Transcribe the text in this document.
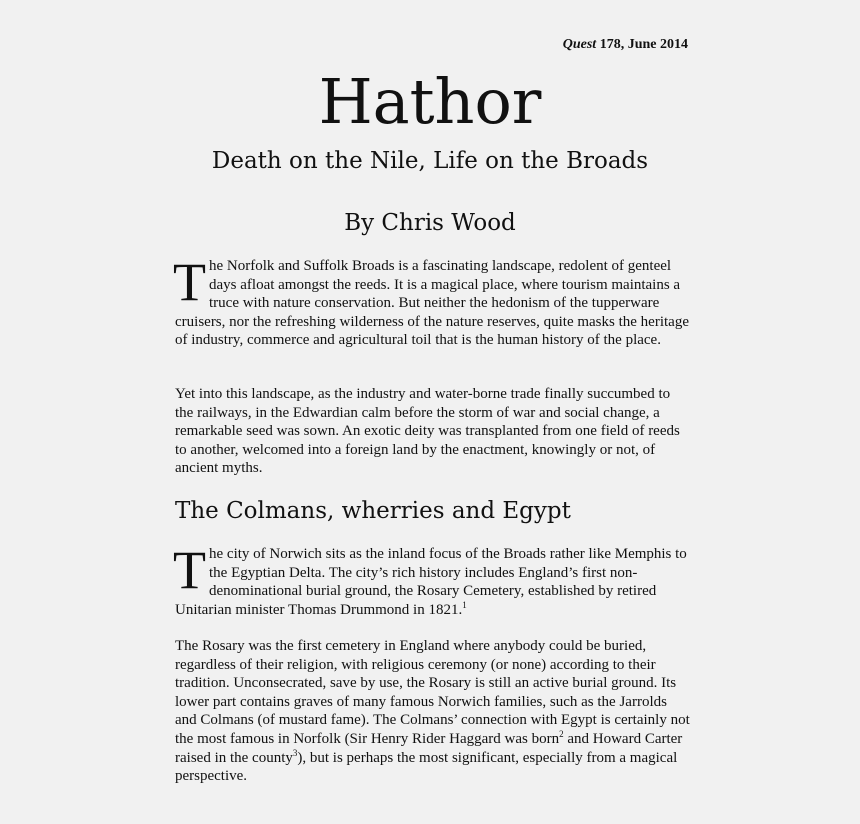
Quest 178, June 2014
Hathor
Death on the Nile, Life on the Broads
By Chris Wood

The Norfolk and Suffolk Broads is a fascinating landscape, redolent of genteel days afloat amongst the reeds. It is a magical place, where tourism maintains a truce with nature conservation. But neither the hedonism of the tupperware cruisers, nor the refreshing wilderness of the nature reserves, quite masks the heritage of industry, commerce and agricultural toil that is the human history of the place.

Yet into this landscape, as the industry and water-borne trade finally succumbed to the railways, in the Edwardian calm before the storm of war and social change, a remarkable seed was sown. An exotic deity was transplanted from one field of reeds to another, welcomed into a foreign land by the enactment, knowingly or not, of ancient myths.

The Colmans, wherries and Egypt

The city of Norwich sits as the inland focus of the Broads rather like Memphis to the Egyptian Delta. The city’s rich history includes England’s first non-denominational burial ground, the Rosary Cemetery, established by retired Unitarian minister Thomas Drummond in 1821.$^1$

The Rosary was the first cemetery in England where anybody could be buried, regardless of their religion, with religious ceremony (or none) according to their tradition. Unconsecrated, save by use, the Rosary is still an active burial ground. Its lower part contains graves of many famous Norwich families, such as the Jarrolds and Colmans (of mustard fame). The Colmans’ connection with Egypt is certainly not the most famous in Norfolk (Sir Henry Rider Haggard was born$^2$ and Howard Carter raised in the county$^3$), but is perhaps the most significant, especially from a magical perspective.
